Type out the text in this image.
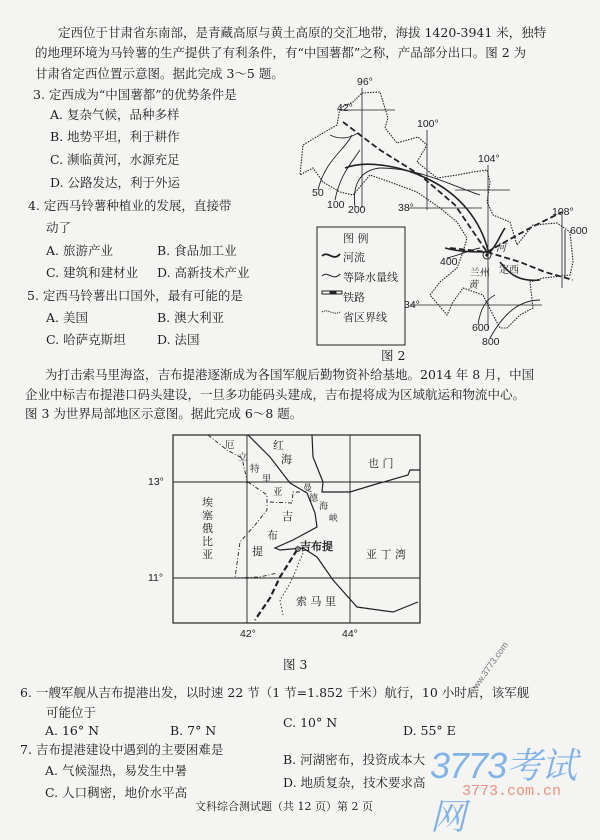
定西位于甘肃省东南部，是青藏高原与黄土高原的交汇地带，海拔 1420-3941 米，独特
的地理环境为马铃薯的生产提供了有利条件，有“中国薯都”之称，产品部分出口。图 2 为
甘肃省定西位置示意图。据此完成 3～5 题。
3. 定西成为“中国薯都”的优势条件是
A. 复杂气候，品种多样
B. 地势平坦，利于耕作
C. 濒临黄河，水源充足
D. 公路发达，利于外运
4. 定西马铃薯种植业的发展，直接带
动了
A. 旅游产业	B. 食品加工业
C. 建筑和建材业 D. 高新技术产业
5. 定西马铃薯出口国外，最有可能的是
A. 美国	B. 澳大利亚
C. 哈萨克斯坦	D. 法国
96°
42°
100°
104°
108°
600
38°
50
100 200
400
34°
600
800
兰州 定西
河
黄
图 例
河流
等降水量线
铁路
省区界线
图 2
为打击索马里海盗，吉布提港逐渐成为各国军舰后勤物资补给基地。2014 年 8 月，中国
企业中标吉布提港口码头建设，一旦多功能码头建成，吉布提将成为区域航运和物流中心。
图 3 为世界局部地区示意图。据此完成 6～8 题。
厄
立
特
里
亚
红
海	也 门
埃
塞
俄
比
亚
吉
布
提
曼
德
海
峡
吉布提
亚 丁 湾
索 马 里
42°	44°
13°
11°
图 3
6. 一艘军舰从吉布提港出发，以时速 22 节（1 节=1.852 千米）航行，10 小时后，该军舰
可能位于
A. 16° N	B. 7° N
C. 10° N
D. 55° E
7. 吉布提港建设中遇到的主要困难是
A. 气候湿热，易发生中暑
B. 河湖密布，投资成本大
C. 人口稠密，地价水平高
D. 地质复杂，技术要求高
文科综合测试题（共 12 页）第 2 页
www.3773.com
3773考试网
3773.com.cn
